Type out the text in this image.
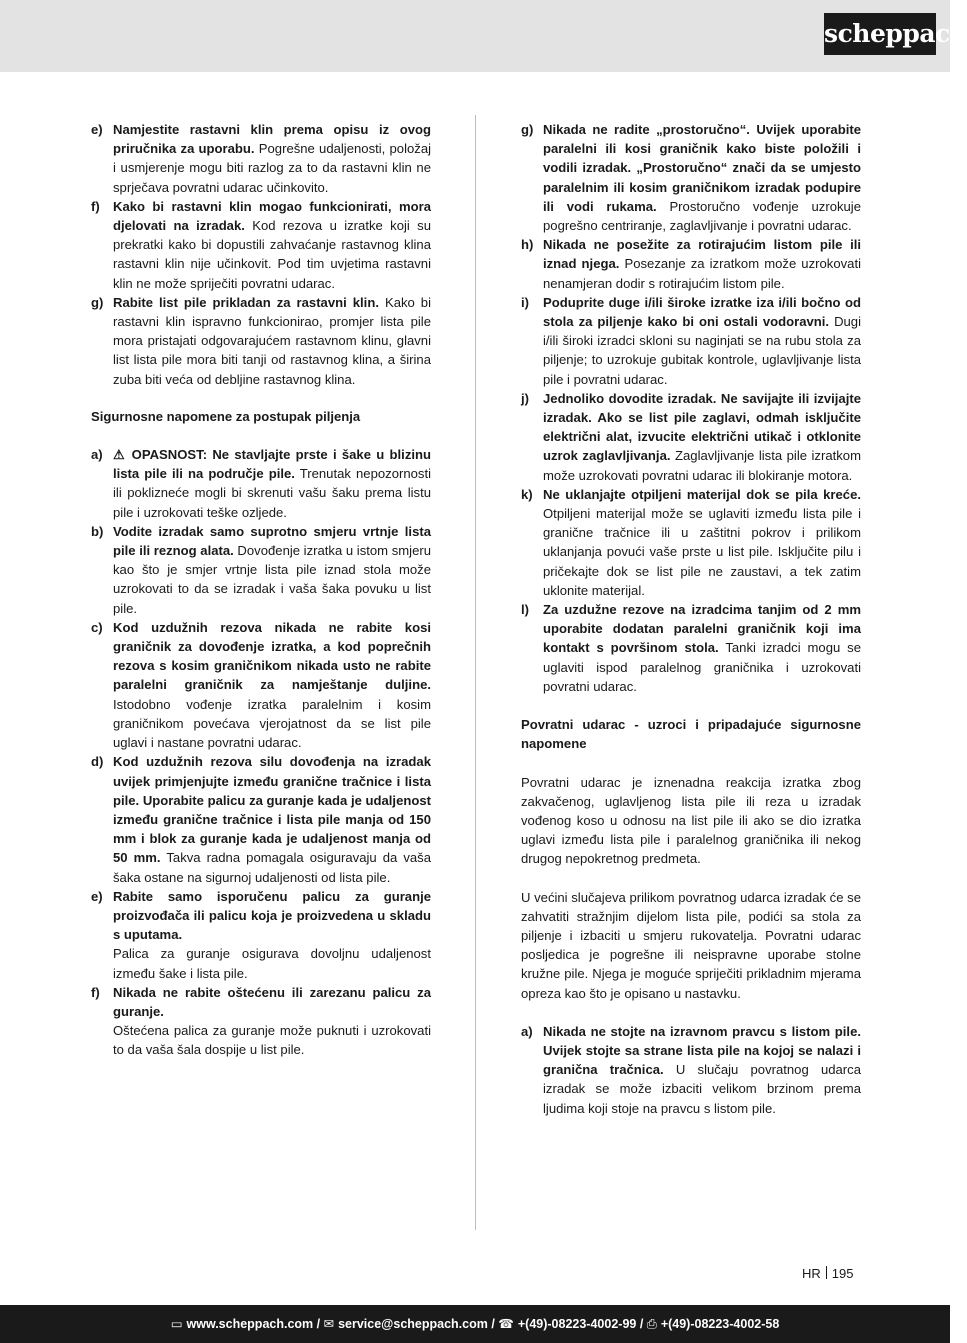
scheppach
e) Namjestite rastavni klin prema opisu iz ovog priručnika za uporabu. Pogrešne udaljenosti, položaj i usmjerenje mogu biti razlog za to da rastavni klin ne sprječava povratni udarac učinkovito.
f)	Kako bi rastavni klin mogao funkcionirati, mora djelovati na izradak. Kod rezova u izratke koji su prekratki kako bi dopustili zahvaćanje rastavnog klina rastavni klin nije učinkovit. Pod tim uvjetima rastavni klin ne može spriječiti povratni udarac.
g) Rabite list pile prikladan za rastavni klin. Kako bi rastavni klin ispravno funkcionirao, promjer lista pile mora pristajati odgovarajućem rastavnom klinu, glavni list lista pile mora biti tanji od rastavnog klina, a širina zuba biti veća od debljine rastavnog klina.
Sigurnosne napomene za postupak piljenja
a) ⚠ OPASNOST: Ne stavljajte prste i šake u blizinu lista pile ili na područje pile. Trenutak nepozornosti ili poklizneće mogli bi skrenuti vašu šaku prema listu pile i uzrokovati teške ozljede.
b) Vodite izradak samo suprotno smjeru vrtnje lista pile ili reznog alata. Dovođenje izratka u istom smjeru kao što je smjer vrtnje lista pile iznad stola može uzrokovati to da se izradak i vaša šaka povuku u list pile.
c) Kod uzdužnih rezova nikada ne rabite kosi graničnik za dovođenje izratka, a kod poprečnih rezova s kosim graničnikom nikada usto ne rabite paralelni graničnik za namještanje duljine. Istodobno vođenje izratka paralelnim i kosim graničnikom povećava vjerojatnost da se list pile uglavi i nastane povratni udarac.
d) Kod uzdužnih rezova silu dovođenja na izradak uvijek primjenjujte između granične tračnice i lista pile. Uporabite palicu za guranje kada je udaljenost između granične tračnice i lista pile manja od 150 mm i blok za guranje kada je udaljenost manja od 50 mm. Takva radna pomagala osiguravaju da vaša šaka ostane na sigurnoj udaljenosti od lista pile.
e) Rabite samo isporučenu palicu za guranje proizvođača ili palicu koja je proizvedena u skladu s uputama.
Palica za guranje osigurava dovoljnu udaljenost između šake i lista pile.
f)	Nikada ne rabite oštećenu ili zarezanu palicu za guranje.
Oštećena palica za guranje može puknuti i uzrokovati to da vaša šala dospije u list pile.
g) Nikada ne radite „prostoručno“. Uvijek uporabite paralelni ili kosi graničnik kako biste položili i vodili izradak. „Prostoručno“ znači da se umjesto paralelnim ili kosim graničnikom izradak podupire ili vodi rukama. Prostoručno vođenje uzrokuje pogrešno centriranje, zaglavljivanje i povratni udarac.
h) Nikada ne posežite za rotirajućim listom pile ili iznad njega. Posezanje za izratkom može uzrokovati nenamjeran dodir s rotirajućim listom pile.
i)	Poduprite duge i/ili široke izratke iza i/ili bočno od stola za piljenje kako bi oni ostali vodoravni. Dugi i/ili široki izradci skloni su naginjati se na rubu stola za piljenje; to uzrokuje gubitak kontrole, uglavljivanje lista pile i povratni udarac.
j)	Jednoliko dovodite izradak. Ne savijajte ili izvijajte izradak. Ako se list pile zaglavi, odmah isključite električni alat, izvucite električni utikač i otklonite uzrok zaglavljivanja. Zaglavljivanje lista pile izratkom može uzrokovati povratni udarac ili blokiranje motora.
k) Ne uklanjajte otpiljeni materijal dok se pila kreće. Otpiljeni materijal može se uglaviti između lista pile i granične tračnice ili u zaštitni pokrov i prilikom uklanjanja povući vaše prste u list pile. Isključite pilu i pričekajte dok se list pile ne zaustavi, a tek zatim uklonite materijal.
l)	Za uzdužne rezove na izradcima tanjim od 2 mm uporabite dodatan paralelni graničnik koji ima kontakt s površinom stola. Tanki izradci mogu se uglaviti ispod paralelnog graničnika i uzrokovati povratni udarac.
Povratni udarac - uzroci i pripadajuće sigurnosne napomene
Povratni udarac je iznenadna reakcija izratka zbog zakvačenog, uglavljenog lista pile ili reza u izradak vođenog koso u odnosu na list pile ili ako se dio izratka uglavi između lista pile i paralelnog graničnika ili nekog drugog nepokretnog predmeta.
U većini slučajeva prilikom povratnog udarca izradak će se zahvatiti stražnjim dijelom lista pile, podići sa stola za piljenje i izbaciti u smjeru rukovatelja. Povratni udarac posljedica je pogrešne ili neispravne uporabe stolne kružne pile. Njega je moguće spriječiti prikladnim mjerama opreza kao što je opisano u nastavku.
a) Nikada ne stojte na izravnom pravcu s listom pile. Uvijek stojte sa strane lista pile na kojoj se nalazi i granična tračnica. U slučaju povratnog udarca izradak se može izbaciti velikom brzinom prema ljudima koji stoje na pravcu s listom pile.
HR 195
▭ www.scheppach.com / ✉ service@scheppach.com / ☎ +(49)-08223-4002-99 / ⎙ +(49)-08223-4002-58
